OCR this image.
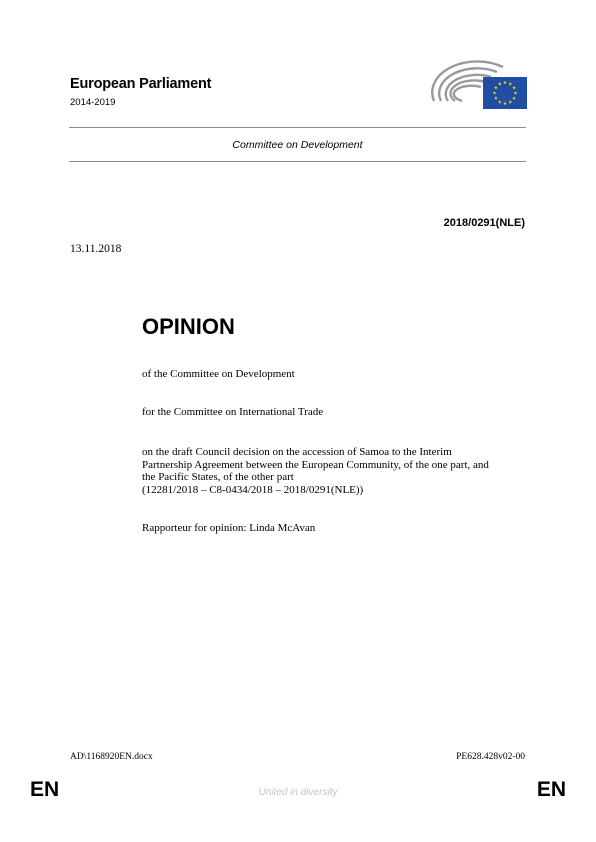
European Parliament
2014-2019
Committee on Development
2018/0291(NLE)
13.11.2018
OPINION
of the Committee on Development
for the Committee on International Trade
on the draft Council decision on the accession of Samoa to the Interim
Partnership Agreement between the European Community, of the one part, and
the Pacific States, of the other part
(12281/2018 – C8-0434/2018 – 2018/0291(NLE))
Rapporteur for opinion: Linda McAvan
AD\1168920EN.docx	PE628.428v02-00
EN	United in diversity	EN
